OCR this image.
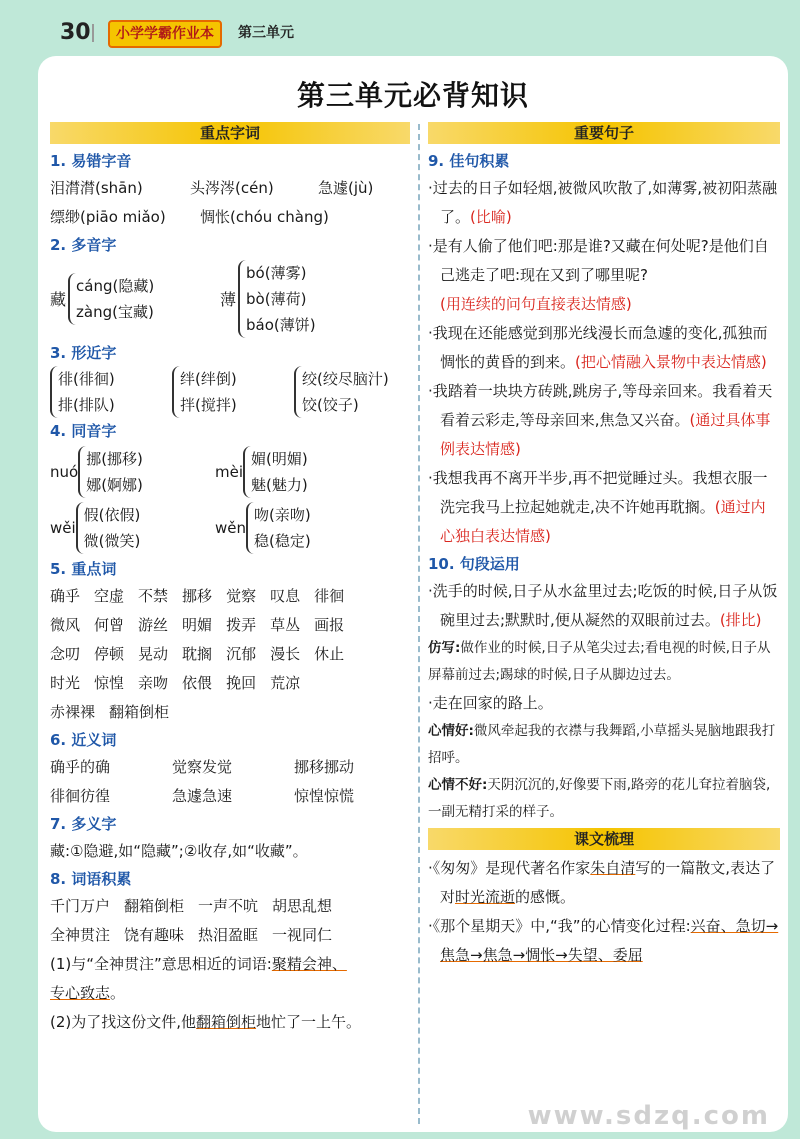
30	小学学霸作业本	第三单元
第三单元必背知识
重点字词
1. 易错字音
泪潸潸(shān)	头涔涔(cén)	急遽(jù)
缥缈(piāo miǎo) 惆怅(chóu chàng)
2. 多音字
藏
cáng(隐藏)
zàng(宝藏)
薄
bó(薄雾)
bò(薄荷)
báo(薄饼)
3. 形近字
徘(徘徊)
排(排队)
绊(绊倒)
拌(搅拌)
绞(绞尽脑汁)
饺(饺子)
4. 同音字
nuó
挪(挪移)
娜(婀娜)
mèi
媚(明媚)
魅(魅力)
wěi
假(依假)
微(微笑)
wěn
吻(亲吻)
稳(稳定)
5. 重点词
确乎 空虚 不禁 挪移 觉察 叹息 徘徊
微风 何曾 游丝 明媚 拨弄 草丛 画报
念叨 停顿 晃动 耽搁 沉郁 漫长 休止
时光 惊惶 亲吻 依偎 挽回 荒凉
赤裸裸 翻箱倒柜
6. 近义词
确乎的确	觉察发觉	挪移挪动
徘徊彷徨	急遽急速	惊惶惊慌
7. 多义字
藏:①隐避,如“隐藏”;②收存,如“收藏”。
8. 词语积累
千门万户 翻箱倒柜 一声不吭 胡思乱想
全神贯注 饶有趣味 热泪盈眶 一视同仁
(1)与“全神贯注”意思相近的词语:聚精会神、
专心致志。
(2)为了找这份文件,他翻箱倒柜地忙了一上午。
重要句子
9. 佳句积累
·过去的日子如轻烟,被微风吹散了,如薄雾,被初阳蒸融了。(比喻)
·是有人偷了他们吧:那是谁?又藏在何处呢?是他们自己逃走了吧:现在又到了哪里呢?
(用连续的问句直接表达情感)
·我现在还能感觉到那光线漫长而急遽的变化,孤独而惆怅的黄昏的到来。(把心情融入景物中表达情感)
·我踏着一块块方砖跳,跳房子,等母亲回来。我看着天看着云彩走,等母亲回来,焦急又兴奋。(通过具体事例表达情感)
·我想我再不离开半步,再不把觉睡过头。我想衣服一洗完我马上拉起她就走,决不许她再耽搁。(通过内心独白表达情感)
10. 句段运用
·洗手的时候,日子从水盆里过去;吃饭的时候,日子从饭碗里过去;默默时,便从凝然的双眼前过去。(排比)
仿写:做作业的时候,日子从笔尖过去;看电视的时候,日子从屏幕前过去;踢球的时候,日子从脚边过去。
·走在回家的路上。
心情好:微风牵起我的衣襟与我舞蹈,小草摇头晃脑地跟我打招呼。
心情不好:天阴沉沉的,好像要下雨,路旁的花儿耷拉着脑袋,一副无精打采的样子。
课文梳理
·《匆匆》是现代著名作家朱自清写的一篇散文,表达了对时光流逝的感慨。
·《那个星期天》中,“我”的心情变化过程:兴奋、急切→焦急→焦急→惆怅→失望、委屈
www.sdzq.com
